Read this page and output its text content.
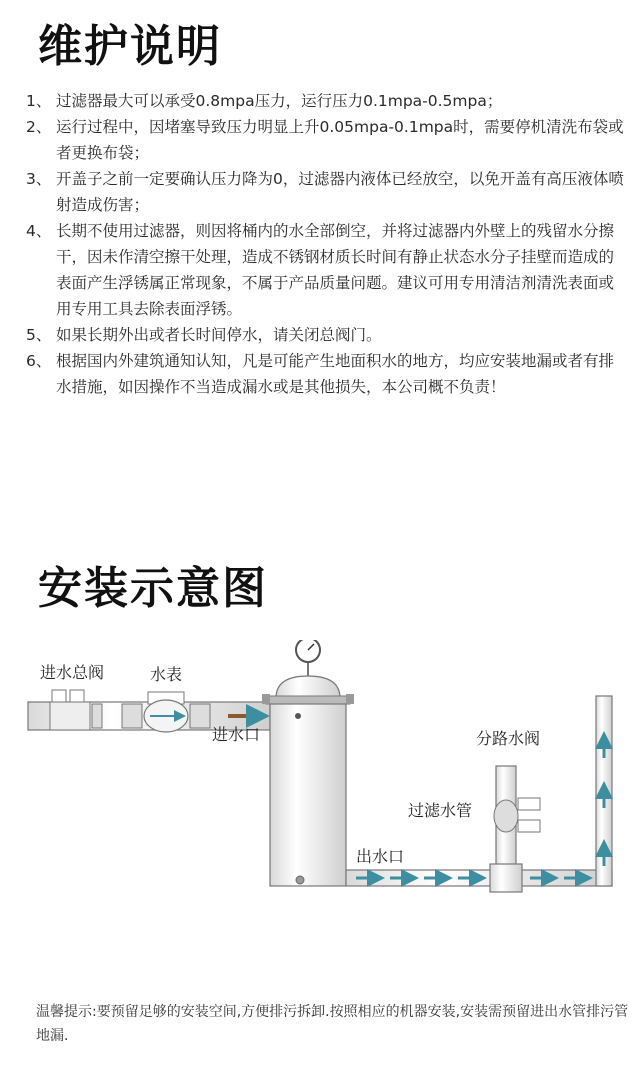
维护说明
1、 过滤器最大可以承受0.8mpa压力，运行压力0.1mpa-0.5mpa；
2、 运行过程中，因堵塞导致压力明显上升0.05mpa-0.1mpa时，需要停机清洗布袋或者更换布袋；
3、 开盖子之前一定要确认压力降为0，过滤器内液体已经放空，以免开盖有高压液体喷射造成伤害；
4、 长期不使用过滤器，则因将桶内的水全部倒空，并将过滤器内外壁上的残留水分擦干，因未作清空擦干处理，造成不锈钢材质长时间有静止状态水分子挂壁而造成的表面产生浮锈属正常现象，不属于产品质量问题。建议可用专用清洁剂清洗表面或用专用工具去除表面浮锈。
5、 如果长期外出或者长时间停水，请关闭总阀门。
6、 根据国内外建筑通知认知，凡是可能产生地面积水的地方，均应安装地漏或者有排水措施，如因操作不当造成漏水或是其他损失，本公司概不负责！
安装示意图
进水总阀	水表
进水口
出水口
分路水阀
过滤水管
温馨提示:要预留足够的安装空间,方便排污拆卸.按照相应的机器安装,安装需预留进出水管排污管地漏.
